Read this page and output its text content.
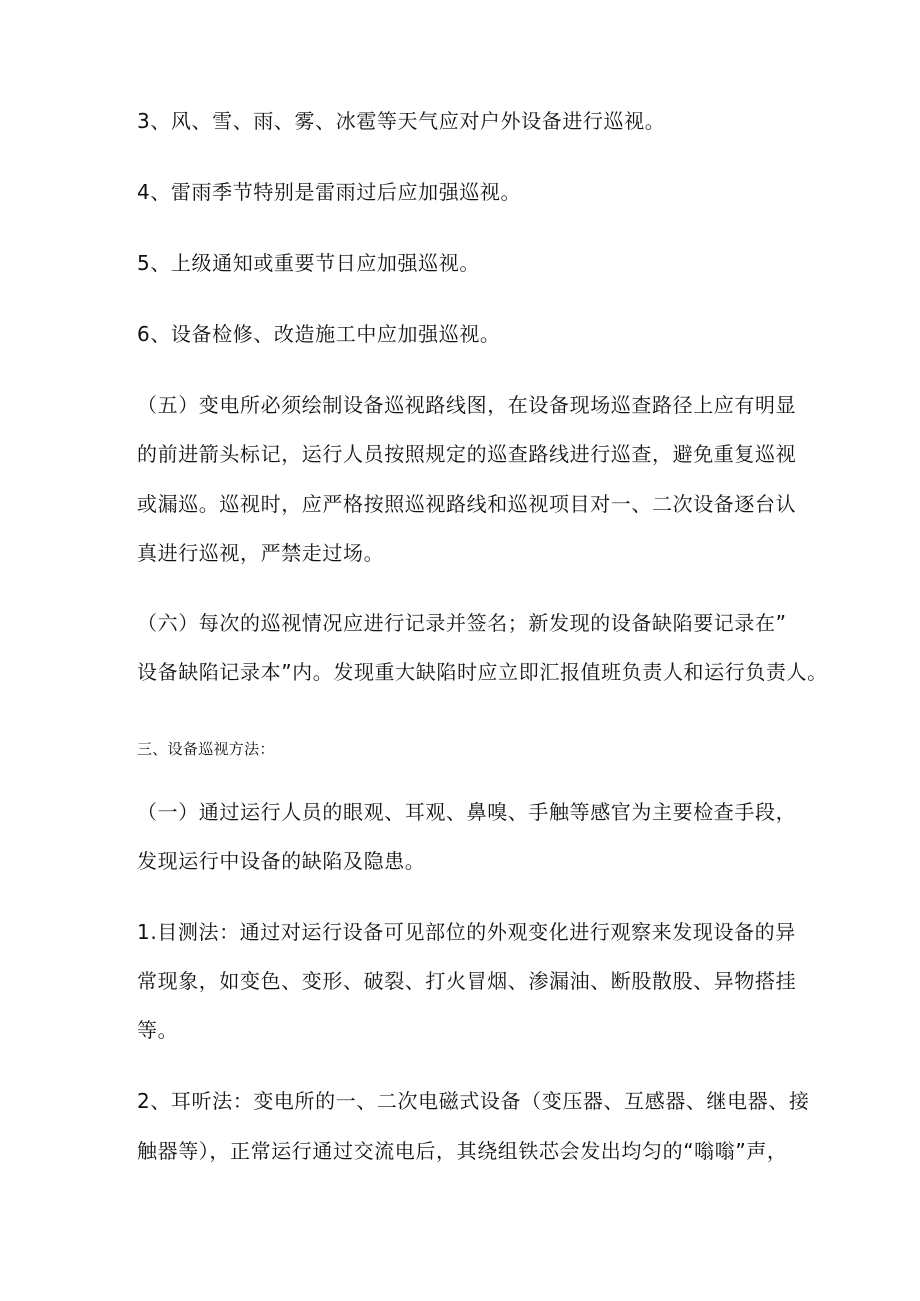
3、风、雪、雨、雾、冰雹等天气应对户外设备进行巡视。
4、雷雨季节特别是雷雨过后应加强巡视。
5、上级通知或重要节日应加强巡视。
6、设备检修、改造施工中应加强巡视。
（五）变电所必须绘制设备巡视路线图，在设备现场巡查路径上应有明显
的前进箭头标记，运行人员按照规定的巡查路线进行巡查，避免重复巡视
或漏巡。巡视时，应严格按照巡视路线和巡视项目对一、二次设备逐台认
真进行巡视，严禁走过场。
（六）每次的巡视情况应进行记录并签名；新发现的设备缺陷要记录在”
设备缺陷记录本”内。发现重大缺陷时应立即汇报值班负责人和运行负责人。
三、设备巡视方法：
（一）通过运行人员的眼观、耳观、鼻嗅、手触等感官为主要检查手段，
发现运行中设备的缺陷及隐患。
1.目测法：通过对运行设备可见部位的外观变化进行观察来发现设备的异
常现象，如变色、变形、破裂、打火冒烟、渗漏油、断股散股、异物搭挂
等。
2、耳听法：变电所的一、二次电磁式设备（变压器、互感器、继电器、接
触器等），正常运行通过交流电后，其绕组铁芯会发出均匀的“嗡嗡”声，
